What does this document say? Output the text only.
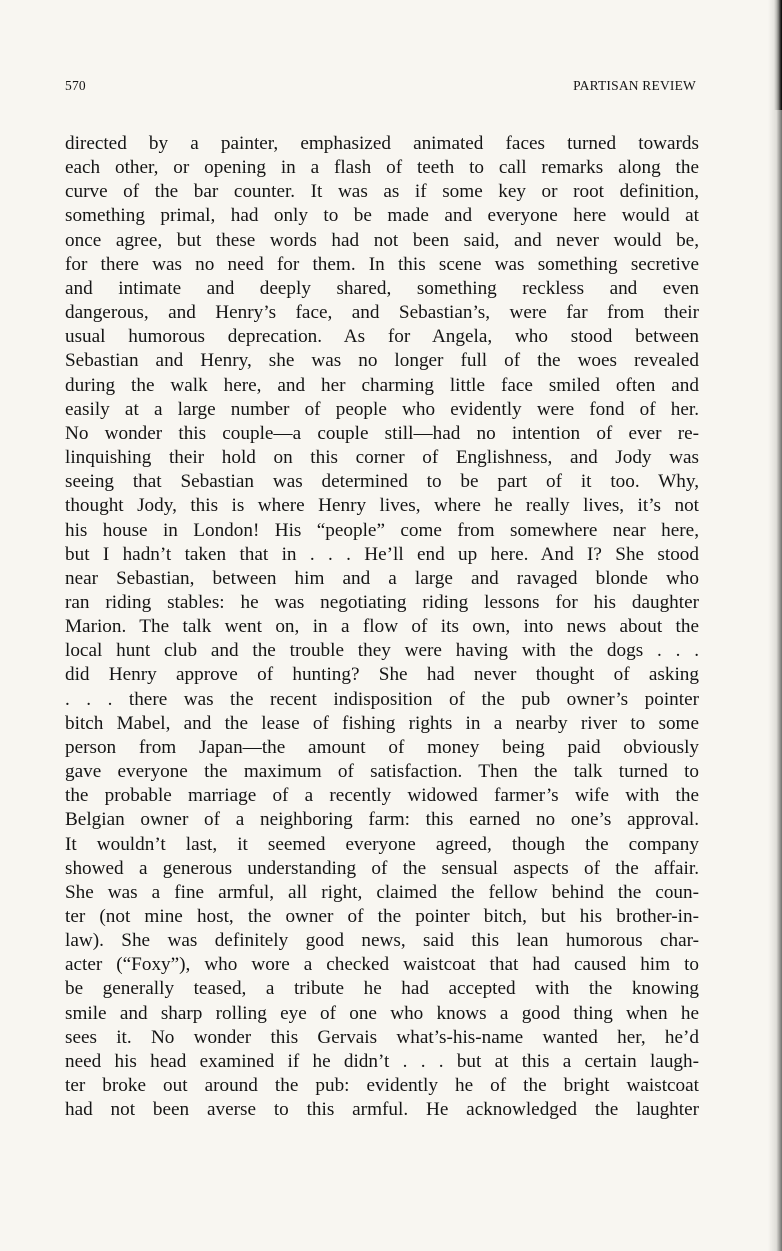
570	PARTISAN REVIEW
directed by a painter, emphasized animated faces turned towards
each other, or opening in a flash of teeth to call remarks along the
curve of the bar counter. It was as if some key or root definition,
something primal, had only to be made and everyone here would at
once agree, but these words had not been said, and never would be,
for there was no need for them. In this scene was something secretive
and intimate and deeply shared, something reckless and even
dangerous, and Henry’s face, and Sebastian’s, were far from their
usual humorous deprecation. As for Angela, who stood between
Sebastian and Henry, she was no longer full of the woes revealed
during the walk here, and her charming little face smiled often and
easily at a large number of people who evidently were fond of her.
No wonder this couple—a couple still—had no intention of ever re-
linquishing their hold on this corner of Englishness, and Jody was
seeing that Sebastian was determined to be part of it too. Why,
thought Jody, this is where Henry lives, where he really lives, it’s not
his house in London! His “people” come from somewhere near here,
but I hadn’t taken that in . . . He’ll end up here. And I? She stood
near Sebastian, between him and a large and ravaged blonde who
ran riding stables: he was negotiating riding lessons for his daughter
Marion. The talk went on, in a flow of its own, into news about the
local hunt club and the trouble they were having with the dogs . . .
did Henry approve of hunting? She had never thought of asking
. . . there was the recent indisposition of the pub owner’s pointer
bitch Mabel, and the lease of fishing rights in a nearby river to some
person from Japan—the amount of money being paid obviously
gave everyone the maximum of satisfaction. Then the talk turned to
the probable marriage of a recently widowed farmer’s wife with the
Belgian owner of a neighboring farm: this earned no one’s approval.
It wouldn’t last, it seemed everyone agreed, though the company
showed a generous understanding of the sensual aspects of the affair.
She was a fine armful, all right, claimed the fellow behind the coun-
ter (not mine host, the owner of the pointer bitch, but his brother-in-
law). She was definitely good news, said this lean humorous char-
acter (“Foxy”), who wore a checked waistcoat that had caused him to
be generally teased, a tribute he had accepted with the knowing
smile and sharp rolling eye of one who knows a good thing when he
sees it. No wonder this Gervais what’s-his-name wanted her, he’d
need his head examined if he didn’t . . . but at this a certain laugh-
ter broke out around the pub: evidently he of the bright waistcoat
had not been averse to this armful. He acknowledged the laughter
